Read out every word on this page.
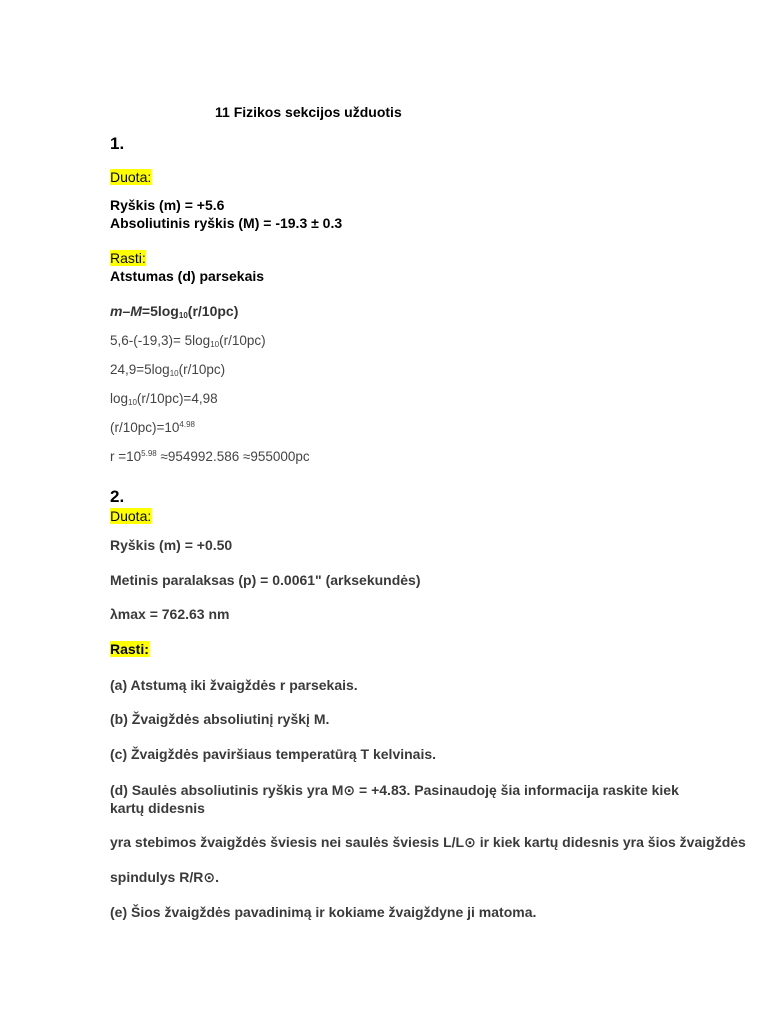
11 Fizikos sekcijos užduotis
1.
Duota:
Ryškis (m) = +5.6
Absoliutinis ryškis (M) = -19.3 ± 0.3
Rasti:
Atstumas (d) parsekais
$m-M=5\log_{10}(r/10pc)$
$5,6-(-19,3)= 5\log_{10}(r/10pc)$
$24,9=5\log_{10}(r/10pc)$
$\log_{10}(r/10pc)=4,98$
$(r/10pc)=10^{4.98}$
$r =10^{5.98} \approx 954992.586 \approx 955000pc$
2.
Duota:
Ryškis (m) = +0.50
Metinis paralaksas (p) = 0.0061" (arksekundės)
λmax = 762.63 nm
Rasti:
(a) Atstumą iki žvaigždės r parsekais.
(b) Žvaigždės absoliutinį ryškį M.
(c) Žvaigždės paviršiaus temperatūrą T kelvinais.
(d) Saulės absoliutinis ryškis yra M⊙ = +4.83. Pasinaudoję šia informacija raskite kiek kartų didesnis
yra stebimos žvaigždės šviesis nei saulės šviesis L/L⊙ ir kiek kartų didesnis yra šios žvaigždės
spindulys R/R⊙.
(e) Šios žvaigždės pavadinimą ir kokiame žvaigždyne ji matoma.
